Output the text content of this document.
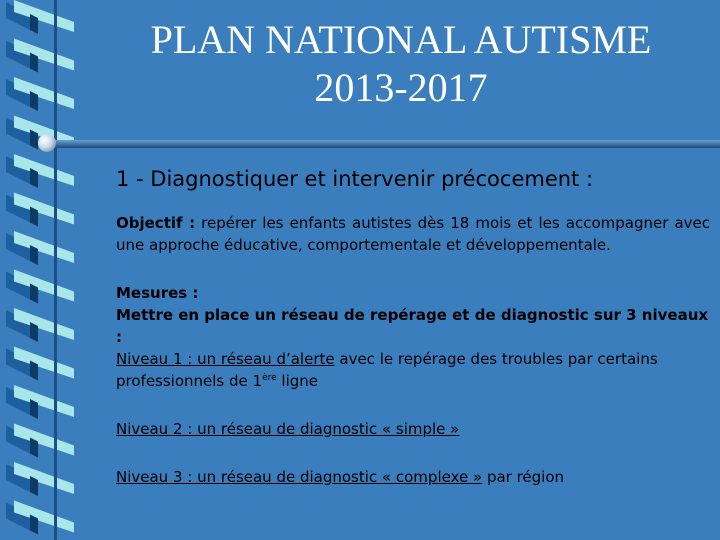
PLAN NATIONAL AUTISME
2013-2017
1 - Diagnostiquer et intervenir précocement :

Objectif : repérer les enfants autistes dès 18 mois et les accompagner avec une approche éducative, comportementale et développementale.

Mesures :
Mettre en place un réseau de repérage et de diagnostic sur 3 niveaux :
Niveau 1 : un réseau d’alerte avec le repérage des troubles par certains professionnels de 1ère ligne

Niveau 2 : un réseau de diagnostic « simple »

Niveau 3 : un réseau de diagnostic « complexe » par région
